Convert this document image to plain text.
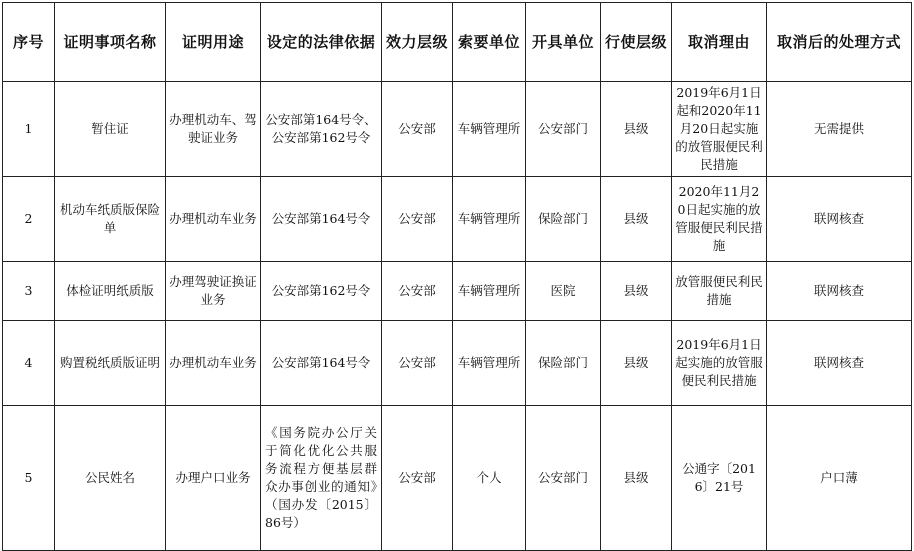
序号	证明事项名称	证明用途	设定的法律依据	效力层级	索要单位	开具单位	行使层级	取消理由	取消后的处理方式
1	暂住证	办理机动车、驾驶证业务	公安部第164号令、公安部第162号令	公安部	车辆管理所	公安部门	县级	2019年6月1日起和2020年11月20日起实施的放管服便民利民措施	无需提供
2	机动车纸质版保险单	办理机动车业务	公安部第164号令	公安部	车辆管理所	保险部门	县级	2020年11月20日起实施的放管服便民利民措施	联网核查
3	体检证明纸质版	办理驾驶证换证业务	公安部第162号令	公安部	车辆管理所	医院	县级	放管服便民利民措施	联网核查
4	购置税纸质版证明	办理机动车业务	公安部第164号令	公安部	车辆管理所	保险部门	县级	2019年6月1日起实施的放管服便民利民措施	联网核查
5	公民姓名	办理户口业务	《国务院办公厅关于简化优化公共服务流程方便基层群众办事创业的通知》（国办发〔2015〕86号）	公安部	个人	公安部门	县级	公通字〔2016〕21号	户口薄
